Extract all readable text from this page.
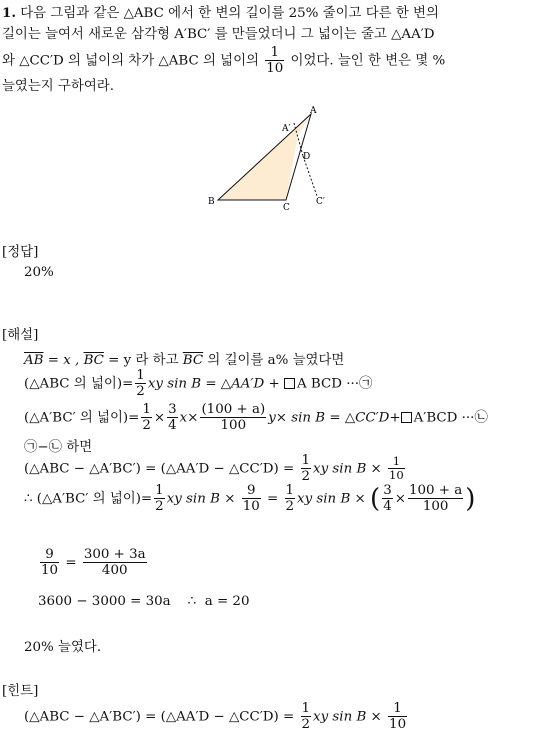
1. 다음 그림과 같은 △ABC 에서 한 변의 길이를 25% 줄이고 다른 한 변의
길이는 늘여서 새로운 삼각형 A′BC′ 를 만들었더니 그 넓이는 줄고 △AA′D
와 △CC′D 의 넓이의 차가 △ABC 의 넓이의 $\frac{1}{10}$ 이었다. 늘인 한 변은 몇 %
늘였는지 구하여라.
A
A′
D
B
C
C′
[정답]
20%
[해설]
$\overline{AB} = x$ , $\overline{BC} = y$ 라 하고 $\overline{BC}$ 의 길이를 a% 늘였다면
(△ABC 의 넓이)= $\frac{1}{2}$ xy sin B = △AA′D + A BCD ···㉠
(△A′BC′ 의 넓이)= $\frac{1}{2} \times \frac{3}{4} x\times \frac{(100 + a)}{100} y\times \sin B$ = △CC′D+ A′BCD ···㉡
㉠−㉡ 하면
(△ABC − △A′BC′) = (△AA′D − △CC′D) = $\frac{1}{2}$ xy $\sin B \times \frac{1}{10}$
∴ (△A′BC′ 의 넓이)= $\frac{1}{2}$ xy $\sin B \times \frac{9}{10} = \frac{1}{2}$ xy sin B × ( $\frac{3}{4} \times \frac{100 + a}{100}$ )
$\frac{9}{10} = \frac{300 + 3a}{400}$
3600 − 3000 = 30a    ∴  a = 20
20% 늘였다.
[힌트]
(△ABC − △A′BC′) = (△AA′D − △CC′D) = $\frac{1}{2}$ xy $\sin B \times \frac{1}{10}$
